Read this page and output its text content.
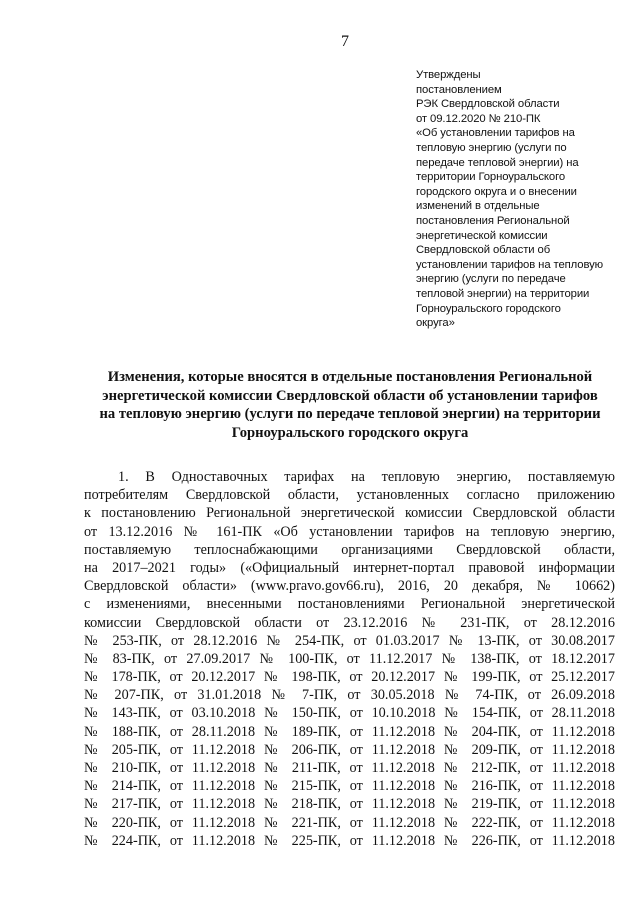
7
Утверждены
постановлением
РЭК Свердловской области
от 09.12.2020 № 210-ПК
«Об установлении тарифов на
тепловую энергию (услуги по
передаче тепловой энергии) на
территории Горноуральского
городского округа и о внесении
изменений в отдельные
постановления Региональной
энергетической комиссии
Свердловской области об
установлении тарифов на тепловую
энергию (услуги по передаче
тепловой энергии) на территории
Горноуральского городского
округа»
Изменения, которые вносятся в отдельные постановления Региональной
энергетической комиссии Свердловской области об установлении тарифов
на тепловую энергию (услуги по передаче тепловой энергии) на территории
Горноуральского городского округа
1. В Одноставочных тарифах на тепловую энергию, поставляемую
потребителям Свердловской области, установленных согласно приложению
к постановлению Региональной энергетической комиссии Свердловской области
от 13.12.2016 № 161-ПК «Об установлении тарифов на тепловую энергию,
поставляемую теплоснабжающими организациями Свердловской области,
на 2017–2021 годы» («Официальный интернет-портал правовой информации
Свердловской области» (www.pravo.gov66.ru), 2016, 20 декабря, № 10662)
с изменениями, внесенными постановлениями Региональной энергетической
комиссии Свердловской области от 23.12.2016 № 231-ПК, от 28.12.2016
№ 253-ПК, от 28.12.2016 № 254-ПК, от 01.03.2017 № 13-ПК, от 30.08.2017
№ 83-ПК, от 27.09.2017 № 100-ПК, от 11.12.2017 № 138-ПК, от 18.12.2017
№ 178-ПК, от 20.12.2017 № 198-ПК, от 20.12.2017 № 199-ПК, от 25.12.2017
№ 207-ПК, от 31.01.2018 № 7-ПК, от 30.05.2018 № 74-ПК, от 26.09.2018
№ 143-ПК, от 03.10.2018 № 150-ПК, от 10.10.2018 № 154-ПК, от 28.11.2018
№ 188-ПК, от 28.11.2018 № 189-ПК, от 11.12.2018 № 204-ПК, от 11.12.2018
№ 205-ПК, от 11.12.2018 № 206-ПК, от 11.12.2018 № 209-ПК, от 11.12.2018
№ 210-ПК, от 11.12.2018 № 211-ПК, от 11.12.2018 № 212-ПК, от 11.12.2018
№ 214-ПК, от 11.12.2018 № 215-ПК, от 11.12.2018 № 216-ПК, от 11.12.2018
№ 217-ПК, от 11.12.2018 № 218-ПК, от 11.12.2018 № 219-ПК, от 11.12.2018
№ 220-ПК, от 11.12.2018 № 221-ПК, от 11.12.2018 № 222-ПК, от 11.12.2018
№ 224-ПК, от 11.12.2018 № 225-ПК, от 11.12.2018 № 226-ПК, от 11.12.2018
